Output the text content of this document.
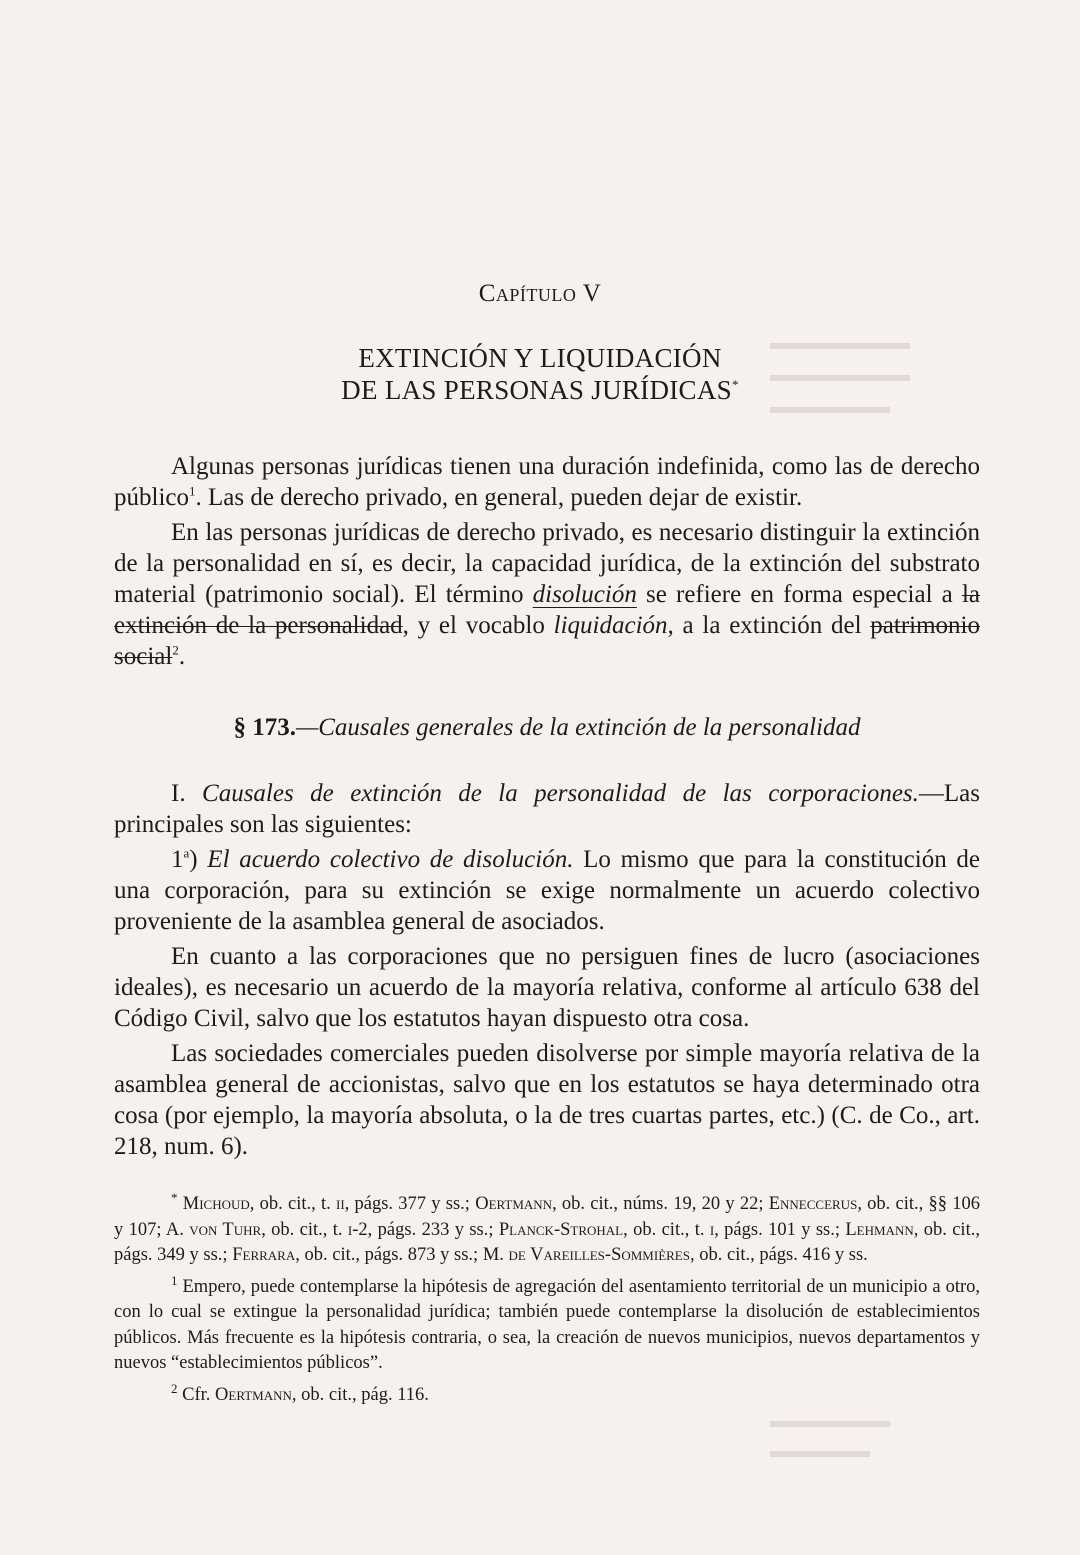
▬▬▬▬▬▬▬
▬▬▬▬▬▬▬
▬▬▬▬▬▬
▬▬▬▬▬▬
▬▬▬▬▬
Capítulo V
EXTINCIÓN Y LIQUIDACIÓN
DE LAS PERSONAS JURÍDICAS*

Algunas personas jurídicas tienen una duración indefinida, como las de derecho público$^1$. Las de derecho privado, en general, pueden dejar de existir.

En las personas jurídicas de derecho privado, es necesario distinguir la extinción de la personalidad en sí, es decir, la capacidad jurídica, de la extinción del substrato material (patrimonio social). El término disolución se refiere en forma especial a la extinción de la personalidad, y el vocablo liquidación, a la extinción del patrimonio social$^2$.

§ 173.—Causales generales de la extinción de la personalidad

I. Causales de extinción de la personalidad de las corporaciones.—Las principales son las siguientes:

1$^a$) El acuerdo colectivo de disolución. Lo mismo que para la constitución de una corporación, para su extinción se exige normalmente un acuerdo colectivo proveniente de la asamblea general de asociados.

En cuanto a las corporaciones que no persiguen fines de lucro (asociaciones ideales), es necesario un acuerdo de la mayoría relativa, conforme al artículo 638 del Código Civil, salvo que los estatutos hayan dispuesto otra cosa.

Las sociedades comerciales pueden disolverse por simple mayoría relativa de la asamblea general de accionistas, salvo que en los estatutos se haya determinado otra cosa (por ejemplo, la mayoría absoluta, o la de tres cuartas partes, etc.) (C. de Co., art. 218, num. 6).

* Michoud, ob. cit., t. ii, págs. 377 y ss.; Oertmann, ob. cit., núms. 19, 20 y 22; Enneccerus, ob. cit., §§ 106 y 107; A. von Tuhr, ob. cit., t. i-2, págs. 233 y ss.; Planck-Strohal, ob. cit., t. i, págs. 101 y ss.; Lehmann, ob. cit., págs. 349 y ss.; Ferrara, ob. cit., págs. 873 y ss.; M. de Vareilles-Sommières, ob. cit., págs. 416 y ss.

$^1$ Empero, puede contemplarse la hipótesis de agregación del asentamiento territorial de un municipio a otro, con lo cual se extingue la personalidad jurídica; también puede contemplarse la disolución de establecimientos públicos. Más frecuente es la hipótesis contraria, o sea, la creación de nuevos municipios, nuevos departamentos y nuevos “establecimientos públicos”.

$^2$ Cfr. Oertmann, ob. cit., pág. 116.
